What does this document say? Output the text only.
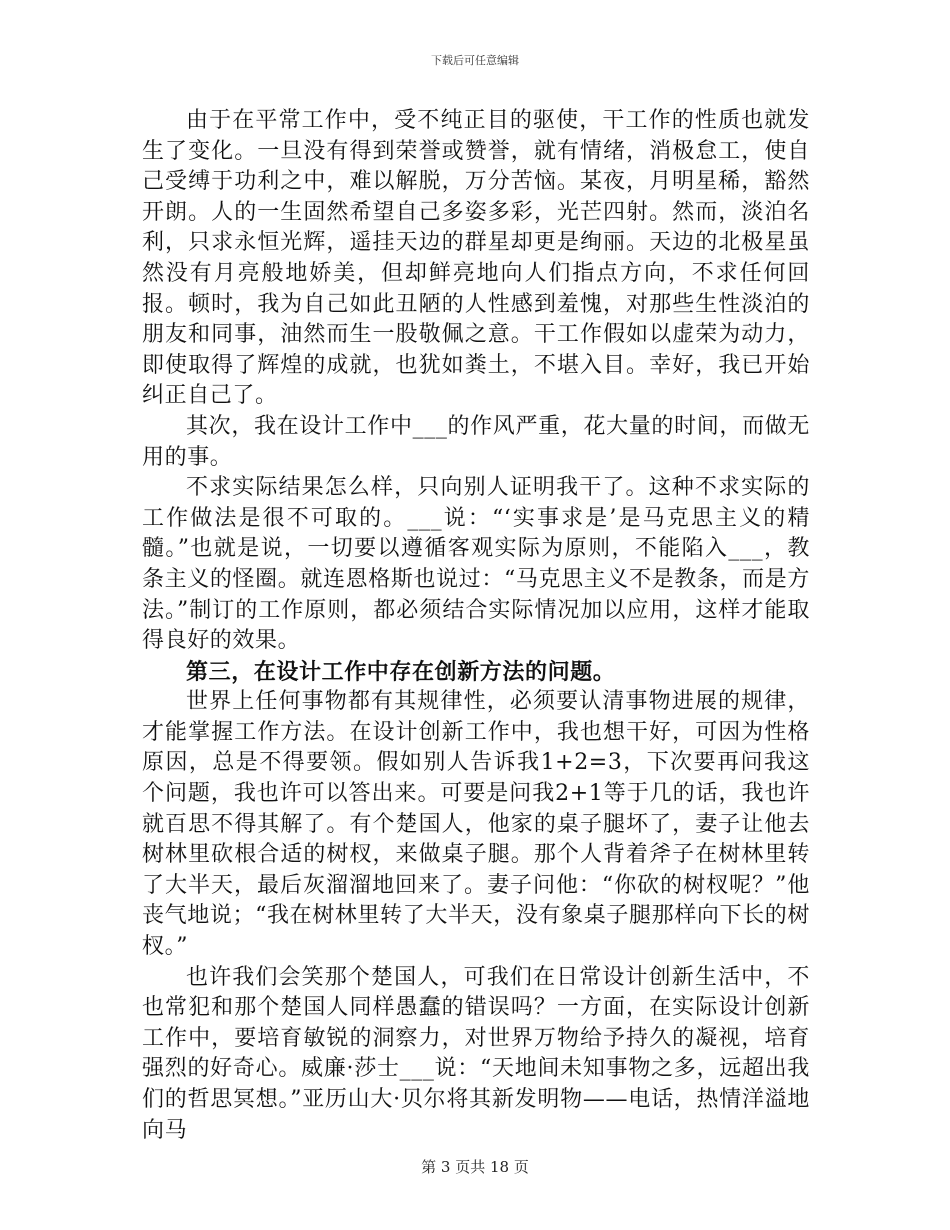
下载后可任意编辑

由于在平常工作中，受不纯正目的驱使，干工作的性质也就发生了变化。一旦没有得到荣誉或赞誉，就有情绪，消极怠工，使自己受缚于功利之中，难以解脱，万分苦恼。某夜，月明星稀，豁然开朗。人的一生固然希望自己多姿多彩，光芒四射。然而，淡泊名利，只求永恒光辉，遥挂天边的群星却更是绚丽。天边的北极星虽然没有月亮般地娇美，但却鲜亮地向人们指点方向，不求任何回报。顿时，我为自己如此丑陋的人性感到羞愧，对那些生性淡泊的朋友和同事，油然而生一股敬佩之意。干工作假如以虚荣为动力，即使取得了辉煌的成就，也犹如粪土，不堪入目。幸好，我已开始纠正自己了。

其次，我在设计工作中___的作风严重，花大量的时间，而做无用的事。

不求实际结果怎么样，只向别人证明我干了。这种不求实际的工作做法是很不可取的。___说：“‘实事求是’是马克思主义的精髓。”也就是说，一切要以遵循客观实际为原则，不能陷入___，教条主义的怪圈。就连恩格斯也说过：“马克思主义不是教条，而是方法。”制订的工作原则，都必须结合实际情况加以应用，这样才能取得良好的效果。

第三，在设计工作中存在创新方法的问题。

世界上任何事物都有其规律性，必须要认清事物进展的规律，才能掌握工作方法。在设计创新工作中，我也想干好，可因为性格原因，总是不得要领。假如别人告诉我1+2=3，下次要再问我这个问题，我也许可以答出来。可要是问我2+1等于几的话，我也许就百思不得其解了。有个楚国人，他家的桌子腿坏了，妻子让他去树林里砍根合适的树杈，来做桌子腿。那个人背着斧子在树林里转了大半天，最后灰溜溜地回来了。妻子问他：“你砍的树杈呢？”他丧气地说；“我在树林里转了大半天，没有象桌子腿那样向下长的树杈。”

也许我们会笑那个楚国人，可我们在日常设计创新生活中，不也常犯和那个楚国人同样愚蠢的错误吗？一方面，在实际设计创新工作中，要培育敏锐的洞察力，对世界万物给予持久的凝视，培育强烈的好奇心。威廉·莎士___说：“天地间未知事物之多，远超出我们的哲思冥想。”亚历山大·贝尔将其新发明物——电话，热情洋溢地向马

第 3 页共 18 页
